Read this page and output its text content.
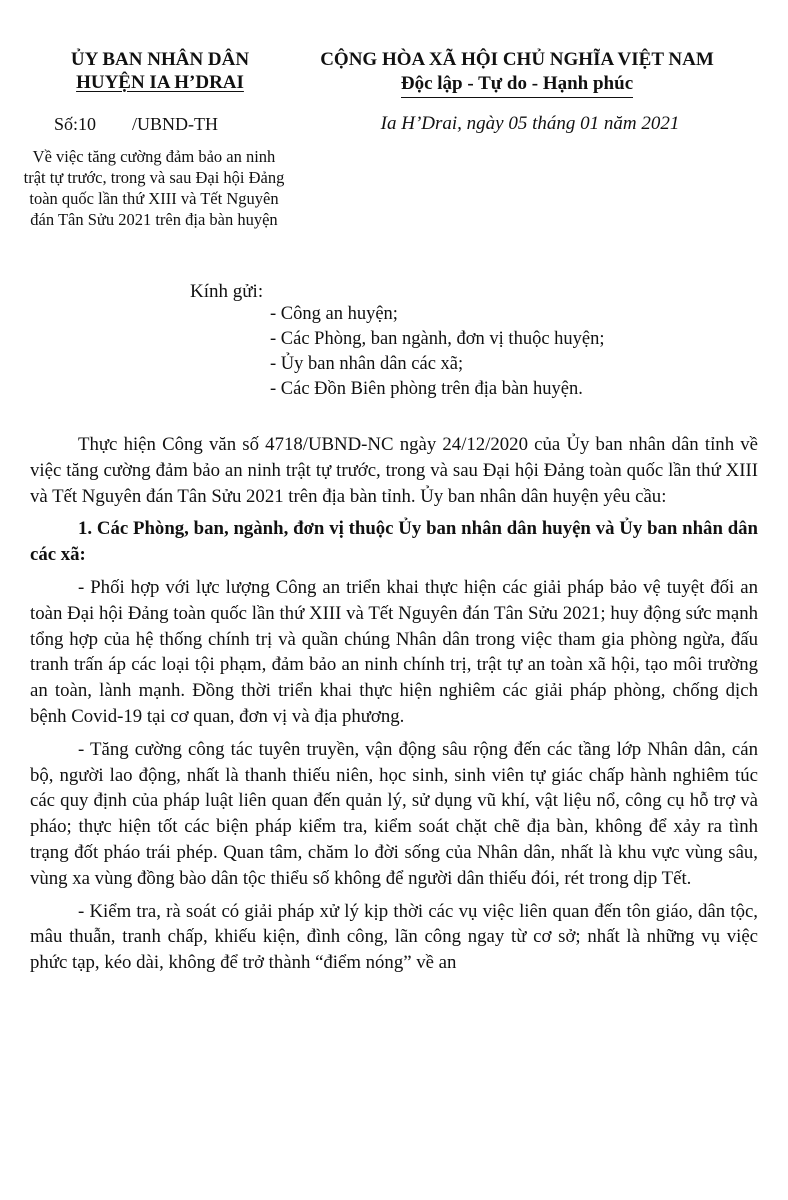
ỦY BAN NHÂN DÂN
HUYỆN IA H’DRAI
CỘNG HÒA XÃ HỘI CHỦ NGHĨA VIỆT NAM
Độc lập - Tự do - Hạnh phúc
Số:10 /UBND-TH	Ia H’Drai, ngày 05 tháng 01 năm 2021
Về việc tăng cường đảm bảo an ninh trật tự trước, trong và sau Đại hội Đảng toàn quốc lần thứ XIII và Tết Nguyên đán Tân Sửu 2021 trên địa bàn huyện
Kính gửi:
- Công an huyện;
- Các Phòng, ban ngành, đơn vị thuộc huyện;
- Ủy ban nhân dân các xã;
- Các Đồn Biên phòng trên địa bàn huyện.

Thực hiện Công văn số 4718/UBND-NC ngày 24/12/2020 của Ủy ban nhân dân tỉnh về việc tăng cường đảm bảo an ninh trật tự trước, trong và sau Đại hội Đảng toàn quốc lần thứ XIII và Tết Nguyên đán Tân Sửu 2021 trên địa bàn tỉnh. Ủy ban nhân dân huyện yêu cầu:

1. Các Phòng, ban, ngành, đơn vị thuộc Ủy ban nhân dân huyện và Ủy ban nhân dân các xã:

- Phối hợp với lực lượng Công an triển khai thực hiện các giải pháp bảo vệ tuyệt đối an toàn Đại hội Đảng toàn quốc lần thứ XIII và Tết Nguyên đán Tân Sửu 2021; huy động sức mạnh tổng hợp của hệ thống chính trị và quần chúng Nhân dân trong việc tham gia phòng ngừa, đấu tranh trấn áp các loại tội phạm, đảm bảo an ninh chính trị, trật tự an toàn xã hội, tạo môi trường an toàn, lành mạnh. Đồng thời triển khai thực hiện nghiêm các giải pháp phòng, chống dịch bệnh Covid-19 tại cơ quan, đơn vị và địa phương.

- Tăng cường công tác tuyên truyền, vận động sâu rộng đến các tầng lớp Nhân dân, cán bộ, người lao động, nhất là thanh thiếu niên, học sinh, sinh viên tự giác chấp hành nghiêm túc các quy định của pháp luật liên quan đến quản lý, sử dụng vũ khí, vật liệu nổ, công cụ hỗ trợ và pháo; thực hiện tốt các biện pháp kiểm tra, kiểm soát chặt chẽ địa bàn, không để xảy ra tình trạng đốt pháo trái phép. Quan tâm, chăm lo đời sống của Nhân dân, nhất là khu vực vùng sâu, vùng xa vùng đồng bào dân tộc thiểu số không để người dân thiếu đói, rét trong dịp Tết.

- Kiểm tra, rà soát có giải pháp xử lý kịp thời các vụ việc liên quan đến tôn giáo, dân tộc, mâu thuẫn, tranh chấp, khiếu kiện, đình công, lãn công ngay từ cơ sở; nhất là những vụ việc phức tạp, kéo dài, không để trở thành “điểm nóng” về an
